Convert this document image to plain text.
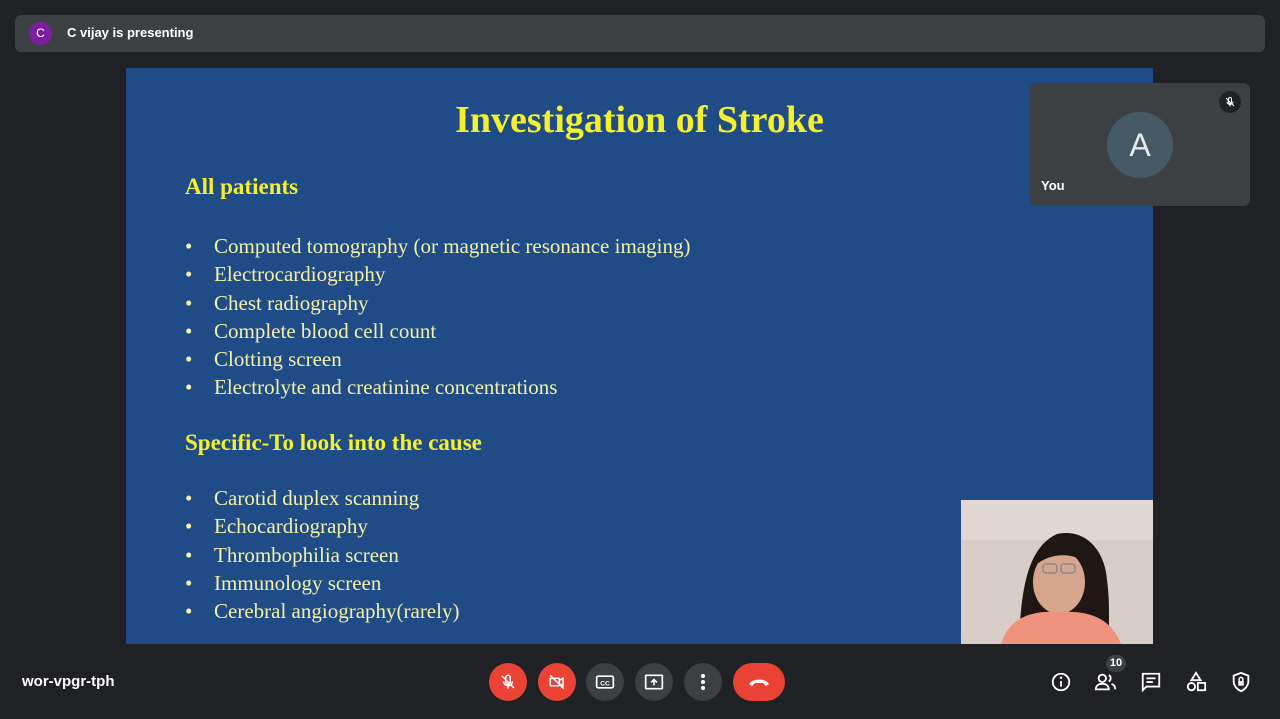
C	C vijay is presenting
Investigation of Stroke
All patients
• Computed tomography (or magnetic resonance imaging)
• Electrocardiography
• Chest radiography
• Complete blood cell count
• Clotting screen
• Electrolyte and creatinine concentrations
Specific-To look into the cause
• Carotid duplex scanning
• Echocardiography
• Thrombophilia screen
• Immunology screen
• Cerebral angiography(rarely)
A
You
wor-vpgr-tph	CC
10
